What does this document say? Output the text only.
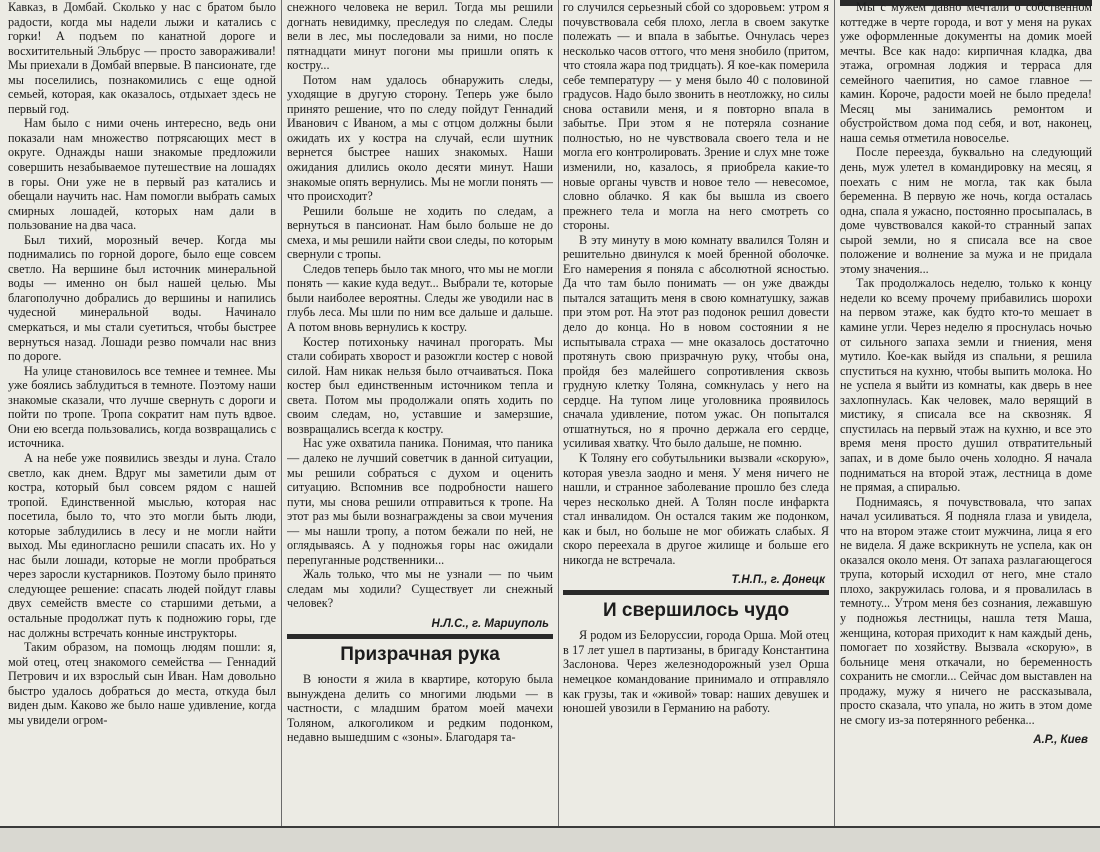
Кавказ, в Домбай. Сколько у нас с братом было радости, когда мы надели лыжи и катались с горки! А подъем по канатной дороге и восхитительный Эльбрус — просто завораживали! Мы приехали в Домбай впервые. В пансионате, где мы поселились, познакомились с еще одной семьей, которая, как оказалось, отдыхает здесь не первый год.

Нам было с ними очень интересно, ведь они показали нам множество потрясающих мест в округе. Однажды наши знакомые предложили совершить незабываемое путешествие на лошадях в горы. Они уже не в первый раз катались и обещали научить нас. Нам помогли выбрать самых смирных лошадей, которых нам дали в пользование на два часа.

Был тихий, морозный вечер. Когда мы поднимались по горной дороге, было еще совсем светло. На вершине был источник минеральной воды — именно он был нашей целью. Мы благополучно добрались до вершины и напились чудесной минеральной воды. Начинало смеркаться, и мы стали суетиться, чтобы быстрее вернуться назад. Лошади резво помчали нас вниз по дороге.

На улице становилось все темнее и темнее. Мы уже боялись заблудиться в темноте. Поэтому наши знакомые сказали, что лучше свернуть с дороги и пойти по тропе. Тропа сократит нам путь вдвое. Они ею всегда пользовались, когда возвращались с источника.

А на небе уже появились звезды и луна. Стало светло, как днем. Вдруг мы заметили дым от костра, который был совсем рядом с нашей тропой. Единственной мыслью, которая нас посетила, было то, что это могли быть люди, которые заблудились в лесу и не могли найти выход. Мы единогласно решили спасать их. Но у нас были лошади, которые не могли пробраться через заросли кустарников. Поэтому было принято следующее решение: спасать людей пойдут главы двух семейств вместе со старшими детьми, а остальные продолжат путь к подножию горы, где нас должны встречать конные инструкторы.

Таким образом, на помощь людям пошли: я, мой отец, отец знакомого семейства — Геннадий Петрович и их взрослый сын Иван. Нам довольно быстро удалось добраться до места, откуда был виден дым. Каково же было наше удивление, когда мы увидели огром-

снежного человека не верил. Тогда мы решили догнать невидимку, преследуя по следам. Следы вели в лес, мы последовали за ними, но после пятнадцати минут погони мы пришли опять к костру...

Потом нам удалось обнаружить следы, уходящие в другую сторону. Теперь уже было принято решение, что по следу пойдут Геннадий Иванович с Иваном, а мы с отцом должны были ожидать их у костра на случай, если шутник вернется быстрее наших знакомых. Наши ожидания длились около десяти минут. Наши знакомые опять вернулись. Мы не могли понять — что происходит?

Решили больше не ходить по следам, а вернуться в пансионат. Нам было больше не до смеха, и мы решили найти свои следы, по которым свернули с тропы.

Следов теперь было так много, что мы не могли понять — какие куда ведут... Выбрали те, которые были наиболее вероятны. Следы же уводили нас в глубь леса. Мы шли по ним все дальше и дальше. А потом вновь вернулись к костру.

Костер потихоньку начинал прогорать. Мы стали собирать хворост и разожгли костер с новой силой. Нам никак нельзя было отчаиваться. Пока костер был единственным источником тепла и света. Потом мы продолжали опять ходить по своим следам, но, уставшие и замерзшие, возвращались всегда к костру.

Нас уже охватила паника. Понимая, что паника — далеко не лучший советчик в данной ситуации, мы решили собраться с духом и оценить ситуацию. Вспомнив все подробности нашего пути, мы снова решили отправиться к тропе. На этот раз мы были вознаграждены за свои мучения — мы нашли тропу, а потом бежали по ней, не оглядываясь. А у подножья горы нас ожидали перепуганные родственники...

Жаль только, что мы не узнали — по чьим следам мы ходили? Существует ли снежный человек?

Н.Л.С., г. Мариуполь
Призрачная рука

В юности я жила в квартире, которую была вынуждена делить со многими людьми — в частности, с младшим братом моей мачехи Толяном, алкоголиком и редким подонком, недавно вышедшим с «зоны». Благодаря та-

го случился серьезный сбой со здоровьем: утром я почувствовала себя плохо, легла в своем закутке полежать — и впала в забытье. Очнулась через несколько часов оттого, что меня знобило (притом, что стояла жара под тридцать). Я кое-как померила себе температуру — у меня было 40 с половиной градусов. Надо было звонить в неотложку, но силы снова оставили меня, и я повторно впала в забытье. При этом я не потеряла сознание полностью, но не чувствовала своего тела и не могла его контролировать. Зрение и слух мне тоже изменили, но, казалось, я приобрела какие-то новые органы чувств и новое тело — невесомое, словно облачко. Я как бы вышла из своего прежнего тела и могла на него смотреть со стороны.

В эту минуту в мою комнату ввалился Толян и решительно двинулся к моей бренной оболочке. Его намерения я поняла с абсолютной ясностью. Да что там было понимать — он уже дважды пытался затащить меня в свою комнатушку, зажав при этом рот. На этот раз подонок решил довести дело до конца. Но в новом состоянии я не испытывала страха — мне оказалось достаточно протянуть свою призрачную руку, чтобы она, пройдя без малейшего сопротивления сквозь грудную клетку Толяна, сомкнулась у него на сердце. На тупом лице уголовника проявилось сначала удивление, потом ужас. Он попытался отшатнуться, но я прочно держала его сердце, усиливая хватку. Что было дальше, не помню.

К Толяну его собутыльники вызвали «скорую», которая увезла заодно и меня. У меня ничего не нашли, и странное заболевание прошло без следа через несколько дней. А Толян после инфаркта стал инвалидом. Он остался таким же подонком, как и был, но больше не мог обижать слабых. Я скоро переехала в другое жилище и больше его никогда не встречала.

Т.Н.П., г. Донецк
И свершилось чудо

Я родом из Белоруссии, города Орша. Мой отец в 17 лет ушел в партизаны, в бригаду Константина Заслонова. Через железнодорожный узел Орша немецкое командование принимало и отправляло как грузы, так и «живой» товар: наших девушек и юношей увозили в Германию на работу.

Мы с мужем давно мечтали о собственном коттедже в черте города, и вот у меня на руках уже оформленные документы на домик моей мечты. Все как надо: кирпичная кладка, два этажа, огромная лоджия и терраса для семейного чаепития, но самое главное — камин. Короче, радости моей не было предела! Месяц мы занимались ремонтом и обустройством дома под себя, и вот, наконец, наша семья отметила новоселье.

После переезда, буквально на следующий день, муж улетел в командировку на месяц, я поехать с ним не могла, так как была беременна. В первую же ночь, когда осталась одна, спала я ужасно, постоянно просыпалась, в доме чувствовался какой-то странный запах сырой земли, но я списала все на свое положение и волнение за мужа и не придала этому значения...

Так продолжалось неделю, только к концу недели ко всему прочему прибавились шорохи на первом этаже, как будто кто-то мешает в камине угли. Через неделю я проснулась ночью от сильного запаха земли и гниения, меня мутило. Кое-как выйдя из спальни, я решила спуститься на кухню, чтобы выпить молока. Но не успела я выйти из комнаты, как дверь в нее захлопнулась. Как человек, мало верящий в мистику, я списала все на сквозняк. Я спустилась на первый этаж на кухню, и все это время меня просто душил отвратительный запах, и в доме было очень холодно. Я начала подниматься на второй этаж, лестница в доме не прямая, а спиралью.

Поднимаясь, я почувствовала, что запах начал усиливаться. Я подняла глаза и увидела, что на втором этаже стоит мужчина, лица я его не видела. Я даже вскрикнуть не успела, как он оказался около меня. От запаха разлагающегося трупа, который исходил от него, мне стало плохо, закружилась голова, и я провалилась в темноту... Утром меня без сознания, лежавшую у подножья лестницы, нашла тетя Маша, женщина, которая приходит к нам каждый день, помогает по хозяйству. Вызвала «скорую», в больнице меня откачали, но беременность сохранить не смогли... Сейчас дом выставлен на продажу, мужу я ничего не рассказывала, просто сказала, что упала, но жить в этом доме не смогу из-за потерянного ребенка...

А.Р., Киев
